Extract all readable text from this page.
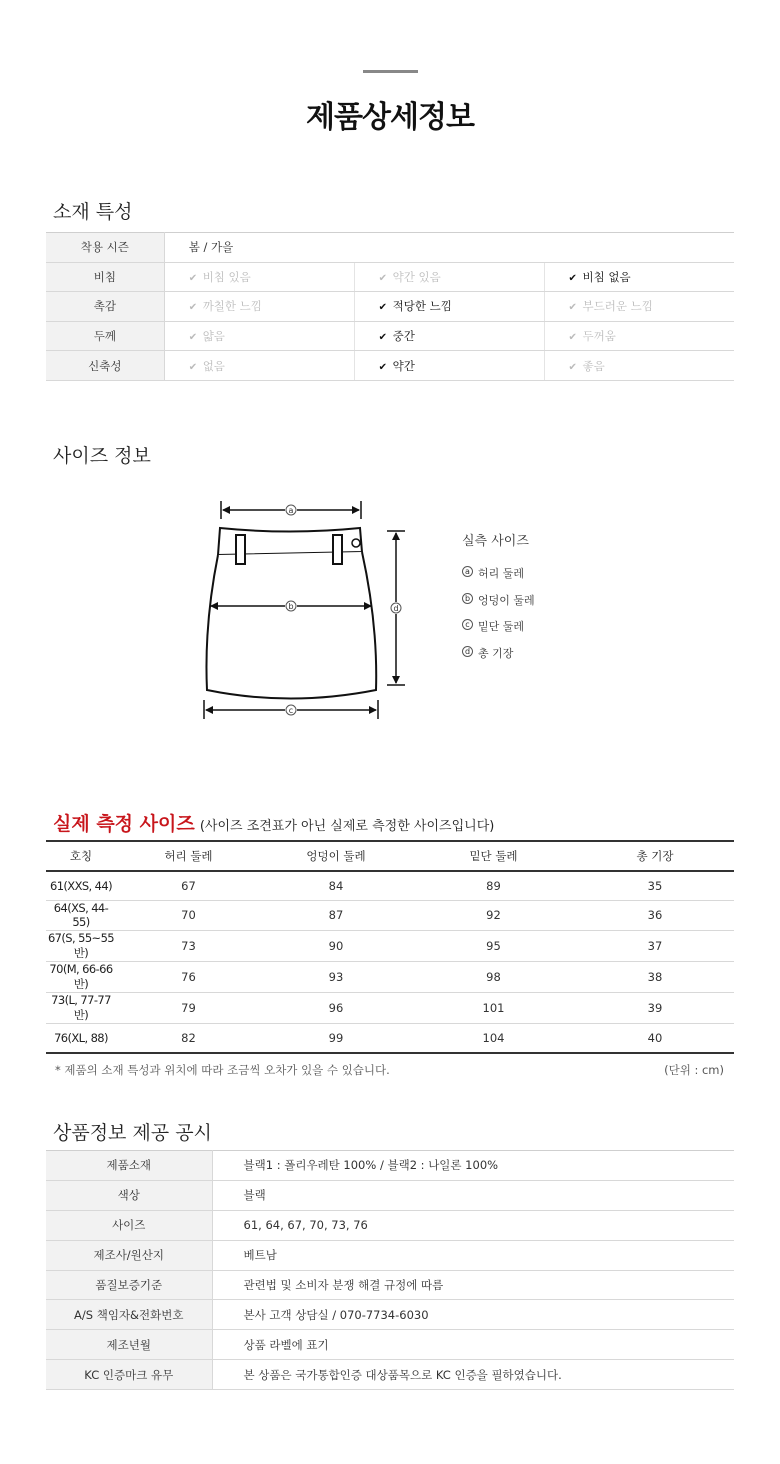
제품상세정보
소재 특성
착용 시즌	봄 / 가을		
비침	✔ 비침 있음	✔ 약간 있음	✔ 비침 없음
촉감	✔ 까칠한 느낌	✔ 적당한 느낌	✔ 부드러운 느낌
두께	✔ 얇음	✔ 중간	✔ 두꺼움
신축성	✔ 없음	✔ 약간	✔ 좋음
사이즈 정보
a
b
c
d
실측 사이즈
a 허리 둘레
b 엉덩이 둘레
c 밑단 둘레
d 총 기장
실제 측정 사이즈 (사이즈 조견표가 아닌 실제로 측정한 사이즈입니다)
호칭	허리 둘레	엉덩이 둘레	밑단 둘레	총 기장
61(XXS, 44)	67	84	89	35
64(XS, 44-55)	70	87	92	36
67(S, 55~55반)	73	90	95	37
70(M, 66-66반)	76	93	98	38
73(L, 77-77반)	79	96	101	39
76(XL, 88)	82	99	104	40
* 제품의 소재 특성과 위치에 따라 조금씩 오차가 있을 수 있습니다.	(단위 : cm)
상품정보 제공 공시
제품소재	블랙1 : 폴리우레탄 100% / 블랙2 : 나일론 100%
색상	블랙
사이즈	61, 64, 67, 70, 73, 76
제조사/원산지	베트남
품질보증기준	관련법 및 소비자 분쟁 해결 규정에 따름
A/S 책임자&전화번호	본사 고객 상담실 / 070-7734-6030
제조년월	상품 라벨에 표기
KC 인증마크 유무	본 상품은 국가통합인증 대상품목으로 KC 인증을 필하였습니다.
